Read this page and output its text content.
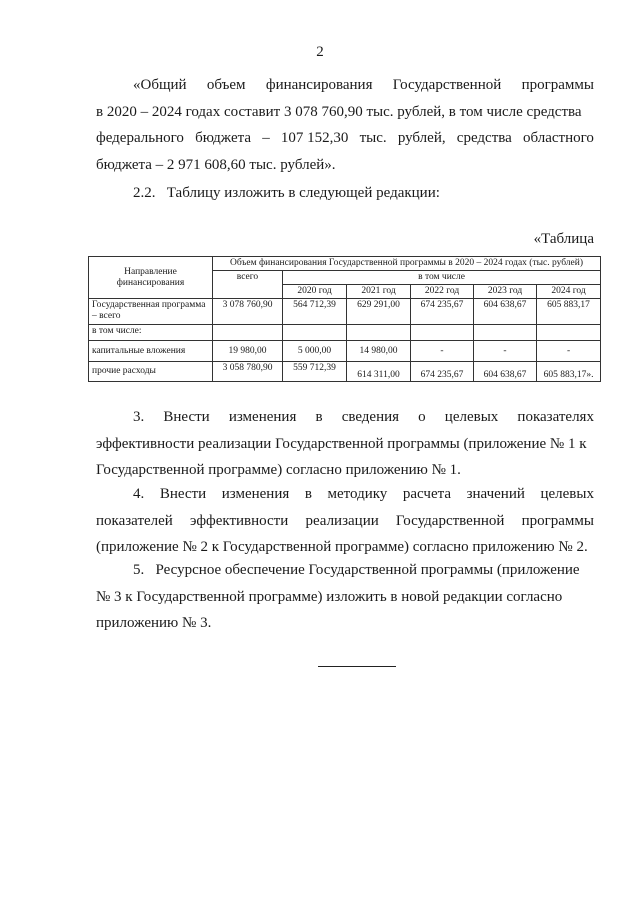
2
«Общий объем финансирования Государственной программы
в 2020 – 2024 годах составит 3 078 760,90 тыс. рублей, в том числе средства
федерального бюджета – 107 152,30 тыс. рублей, средства областного
бюджета – 2 971 608,60 тыс. рублей».
2.2.   Таблицу изложить в следующей редакции:
«Таблица
Направление финансирования	Объем финансирования Государственной программы в 2020 – 2024 годах (тыс. рублей)					
	всего	в том числе				
		2020 год	2021 год	2022 год	2023 год	2024 год
Государственная программа – всего	3 078 760,90	564 712,39	629 291,00	674 235,67	604 638,67	605 883,17
в том числе:						
капитальные вложения	19 980,00	5 000,00	14 980,00	-	-	-
прочие расходы	3 058 780,90	559 712,39	614 311,00	674 235,67	604 638,67	605 883,17».
3. Внести изменения в сведения о целевых показателях
эффективности реализации Государственной программы (приложение № 1 к
Государственной программе) согласно приложению № 1.
4. Внести изменения в методику расчета значений целевых
показателей эффективности реализации Государственной программы
(приложение № 2 к Государственной программе) согласно приложению № 2.
5.   Ресурсное обеспечение Государственной программы (приложение
№ 3 к Государственной программе) изложить в новой редакции согласно
приложению № 3.
